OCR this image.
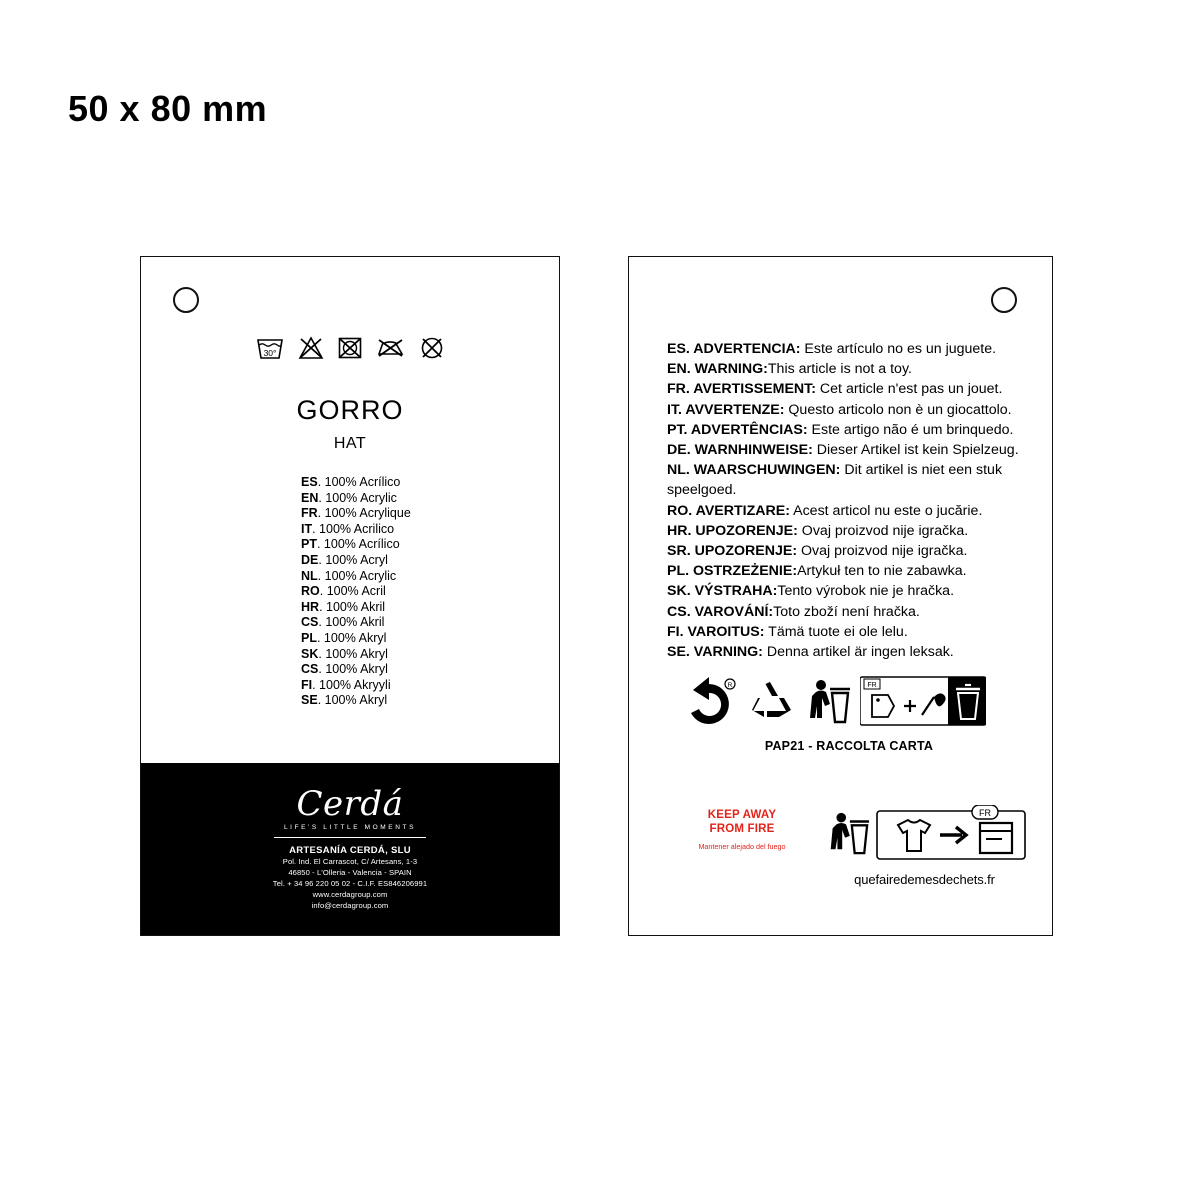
50 x 80 mm
30°
GORRO
HAT
ES. 100% Acrílico
EN. 100% Acrylic
FR. 100% Acrylique
IT. 100% Acrilico
PT. 100% Acrílico
DE. 100% Acryl
NL. 100% Acrylic
RO. 100% Acril
HR. 100% Akril
CS. 100% Akril
PL. 100% Akryl
SK. 100% Akryl
CS. 100% Akryl
FI. 100% Akryyli
SE. 100% Akryl
Cerdá
LIFE'S LITTLE MOMENTS
ARTESANÍA CERDÁ, SLU
Pol. Ind. El Carrascot, C/ Artesans, 1-3
46850 - L'Olleria - Valencia - SPAIN
Tel. + 34 96 220 05 02 - C.I.F. ES846206991
www.cerdagroup.com
info@cerdagroup.com
ES. ADVERTENCIA: Este artículo no es un juguete.
EN. WARNING:This article is not a toy.
FR. AVERTISSEMENT: Cet article n'est pas un jouet.
IT. AVVERTENZE: Questo articolo non è un giocattolo.
PT. ADVERTÊNCIAS: Este artigo não é um brinquedo.
DE. WARNHINWEISE: Dieser Artikel ist kein Spielzeug.
NL. WAARSCHUWINGEN: Dit artikel is niet een stuk speelgoed.
RO. AVERTIZARE: Acest articol nu este o jucărie.
HR. UPOZORENJE: Ovaj proizvod nije igračka.
SR. UPOZORENJE: Ovaj proizvod nije igračka.
PL. OSTRZEŻENIE:Artykuł ten to nie zabawka.
SK. VÝSTRAHA:Tento výrobok nie je hračka.
CS. VAROVÁNÍ:Toto zboží není hračka.
FI. VAROITUS: Tämä tuote ei ole lelu.
SE. VARNING: Denna artikel är ingen leksak.
R	FR
PAP21 - RACCOLTA CARTA
KEEP AWAY
FROM FIRE
Mantener alejado del fuego
FR
quefairedemesdechets.fr
